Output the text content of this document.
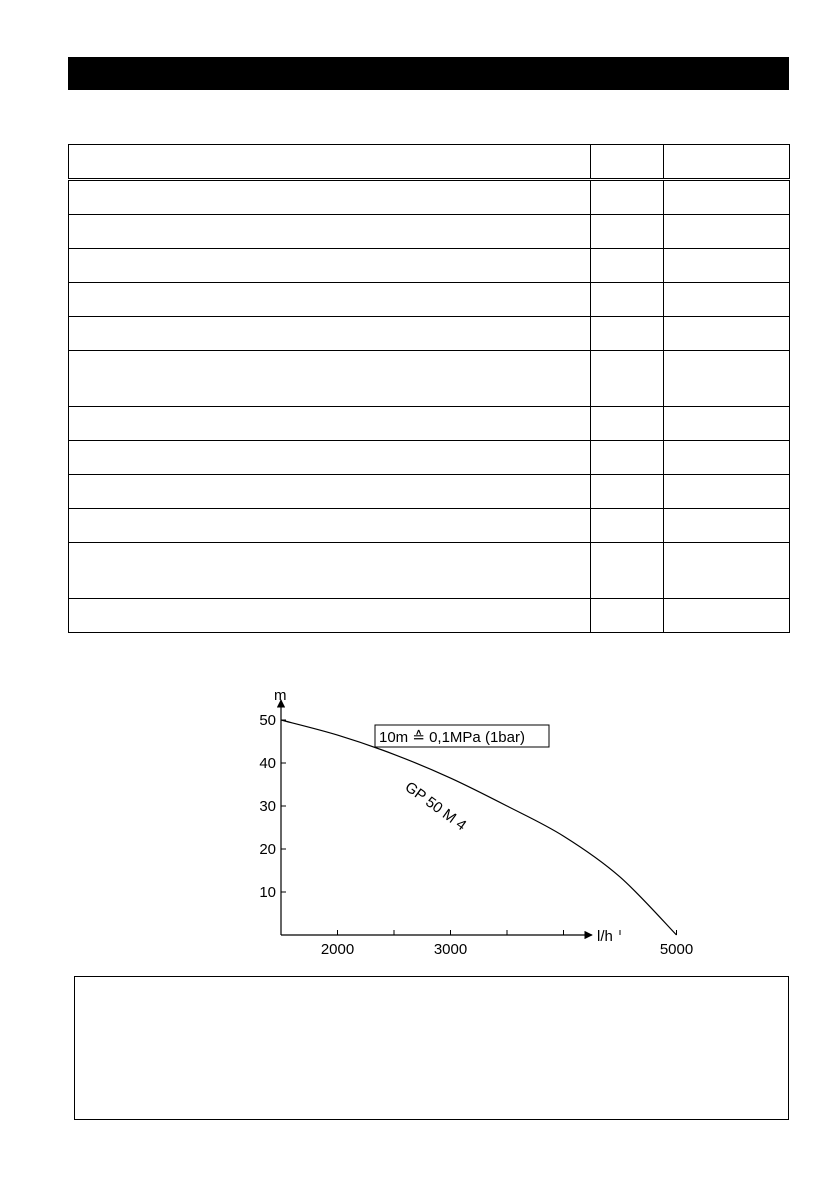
m
l/h
10
20
30
40
50
2000	3000	5000
GP 50 M 4
10m ≙ 0,1MPa (1bar)
